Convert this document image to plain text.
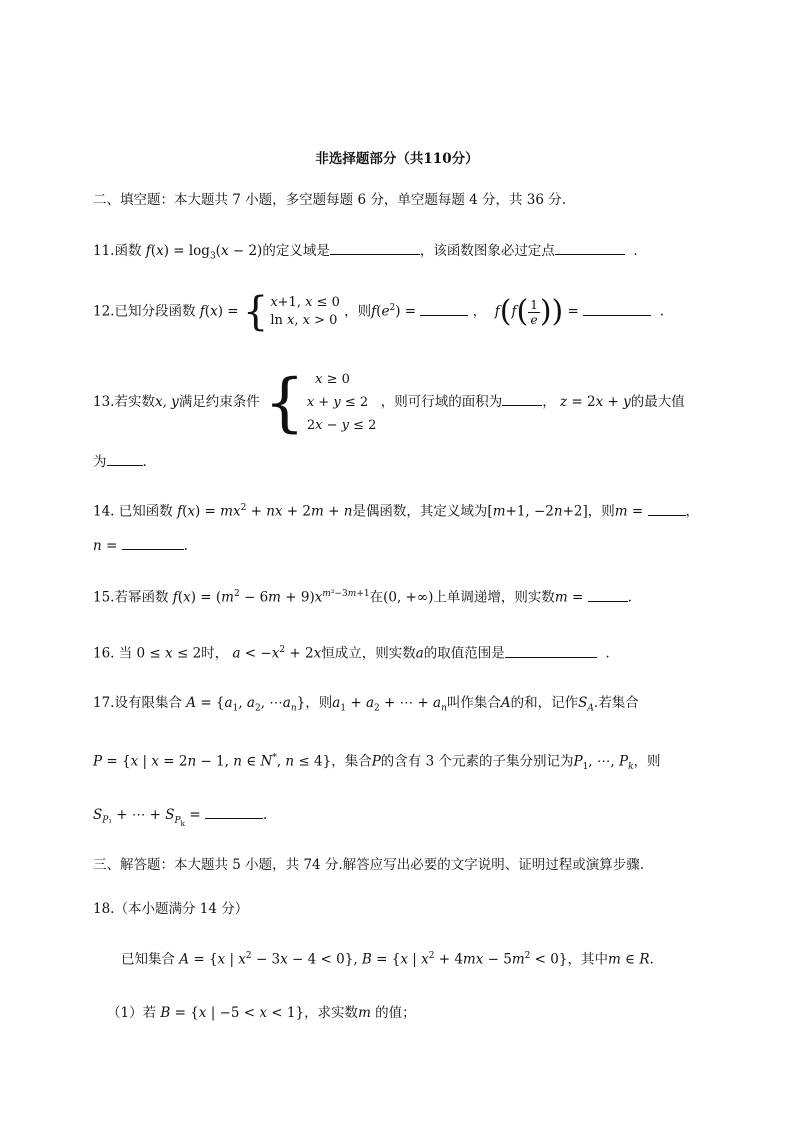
非选择题部分（共110分）
二、填空题：本大题共 7 小题，多空题每题 6 分，单空题每题 4 分，共 36 分.
11.函数 $f(x) = \log_3(x - 2)$的定义域是	，该函数图象必过定点	.
12.已知分段函数 f(x) = { x+1, x ≤ 0
ln x, x > 0
，则$f(e^2)$ =	， $f(f( \frac{1}{e}$ )) =	.
13.若实数x, y满足约束条件 { x ≥ 0
x + y ≤ 2
2x − y ≤ 2
，则可行域的面积为	， z = 2x + y的最大值
为	.
14. 已知函数 $f(x) = mx^2$ + nx + 2m + n是偶函数，其定义域为[m+1, −2n+2]，则m =	，
n =	.
15.若幂函数 $f(x) = (m^2 - 6m + 9)x^{m^2-3m+1}$在(0, +∞)上单调递增，则实数m =	.
16. 当 0 ≤ x ≤ 2时， $a < -x^2 + 2x$恒成立，则实数a的取值范围是	.
17.设有限集合 $A = \{a_1$, $a_2$, $\cdots a_n$}，则$a_1 + a_2$ + ⋯ + $a_n$叫作集合A的和，记作$S_A$.若集合
P = {x | x = 2n − 1, n ∈ N*, n ≤ 4}，集合P的含有 3 个元素的子集分别记为$P_1$, ⋯, $P_k$，则
$S_{P_1}$ + ⋯ + $S_{P_k}$ =	.
三、解答题：本大题共 5 小题，共 74 分.解答应写出必要的文字说明、证明过程或演算步骤.
18.（本小题满分 14 分）
已知集合 A = {x | $x^2 - 3x - 4 < 0$}, B = {x | $x^2 + 4mx - 5m^2 < 0$}，其中m ∈ R.
（1）若 B = {x | −5 < x < 1}，求实数m 的值；
